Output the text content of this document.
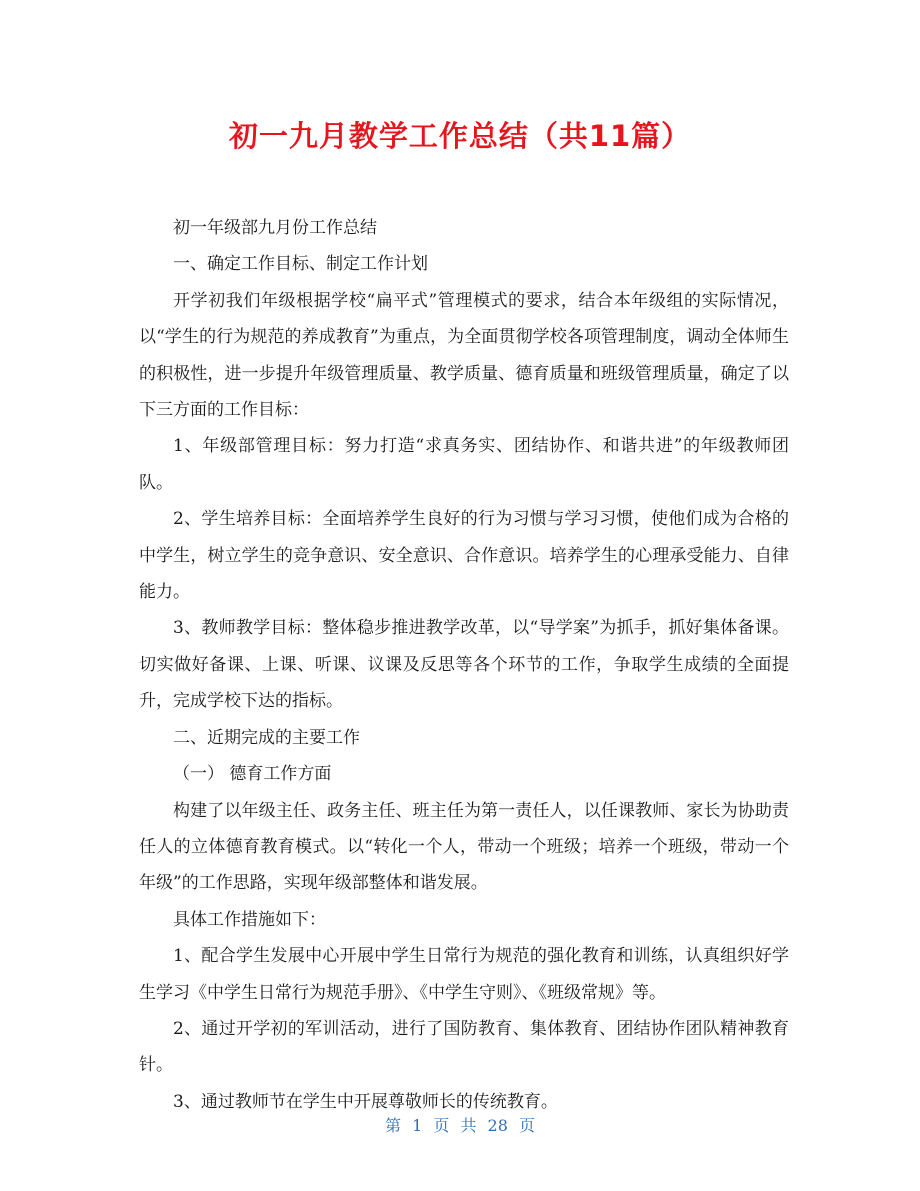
初一九月教学工作总结（共11篇）

初一年级部九月份工作总结

一、确定工作目标、制定工作计划

开学初我们年级根据学校“扁平式”管理模式的要求，结合本年级组的实际情况，以“学生的行为规范的养成教育”为重点，为全面贯彻学校各项管理制度，调动全体师生的积极性，进一步提升年级管理质量、教学质量、德育质量和班级管理质量，确定了以下三方面的工作目标：

1、年级部管理目标：努力打造“求真务实、团结协作、和谐共进”的年级教师团队。

2、学生培养目标：全面培养学生良好的行为习惯与学习习惯，使他们成为合格的中学生，树立学生的竞争意识、安全意识、合作意识。培养学生的心理承受能力、自律能力。

3、教师教学目标：整体稳步推进教学改革，以“导学案”为抓手，抓好集体备课。切实做好备课、上课、听课、议课及反思等各个环节的工作，争取学生成绩的全面提升，完成学校下达的指标。

二、近期完成的主要工作

（一） 德育工作方面

构建了以年级主任、政务主任、班主任为第一责任人，以任课教师、家长为协助责任人的立体德育教育模式。以“转化一个人，带动一个班级；培养一个班级，带动一个年级”的工作思路，实现年级部整体和谐发展。

具体工作措施如下：

1、配合学生发展中心开展中学生日常行为规范的强化教育和训练，认真组织好学生学习《中学生日常行为规范手册》、《中学生守则》、《班级常规》等。

2、通过开学初的军训活动，进行了国防教育、集体教育、团结协作团队精神教育针。

3、通过教师节在学生中开展尊敬师长的传统教育。

第 1 页 共 28 页
